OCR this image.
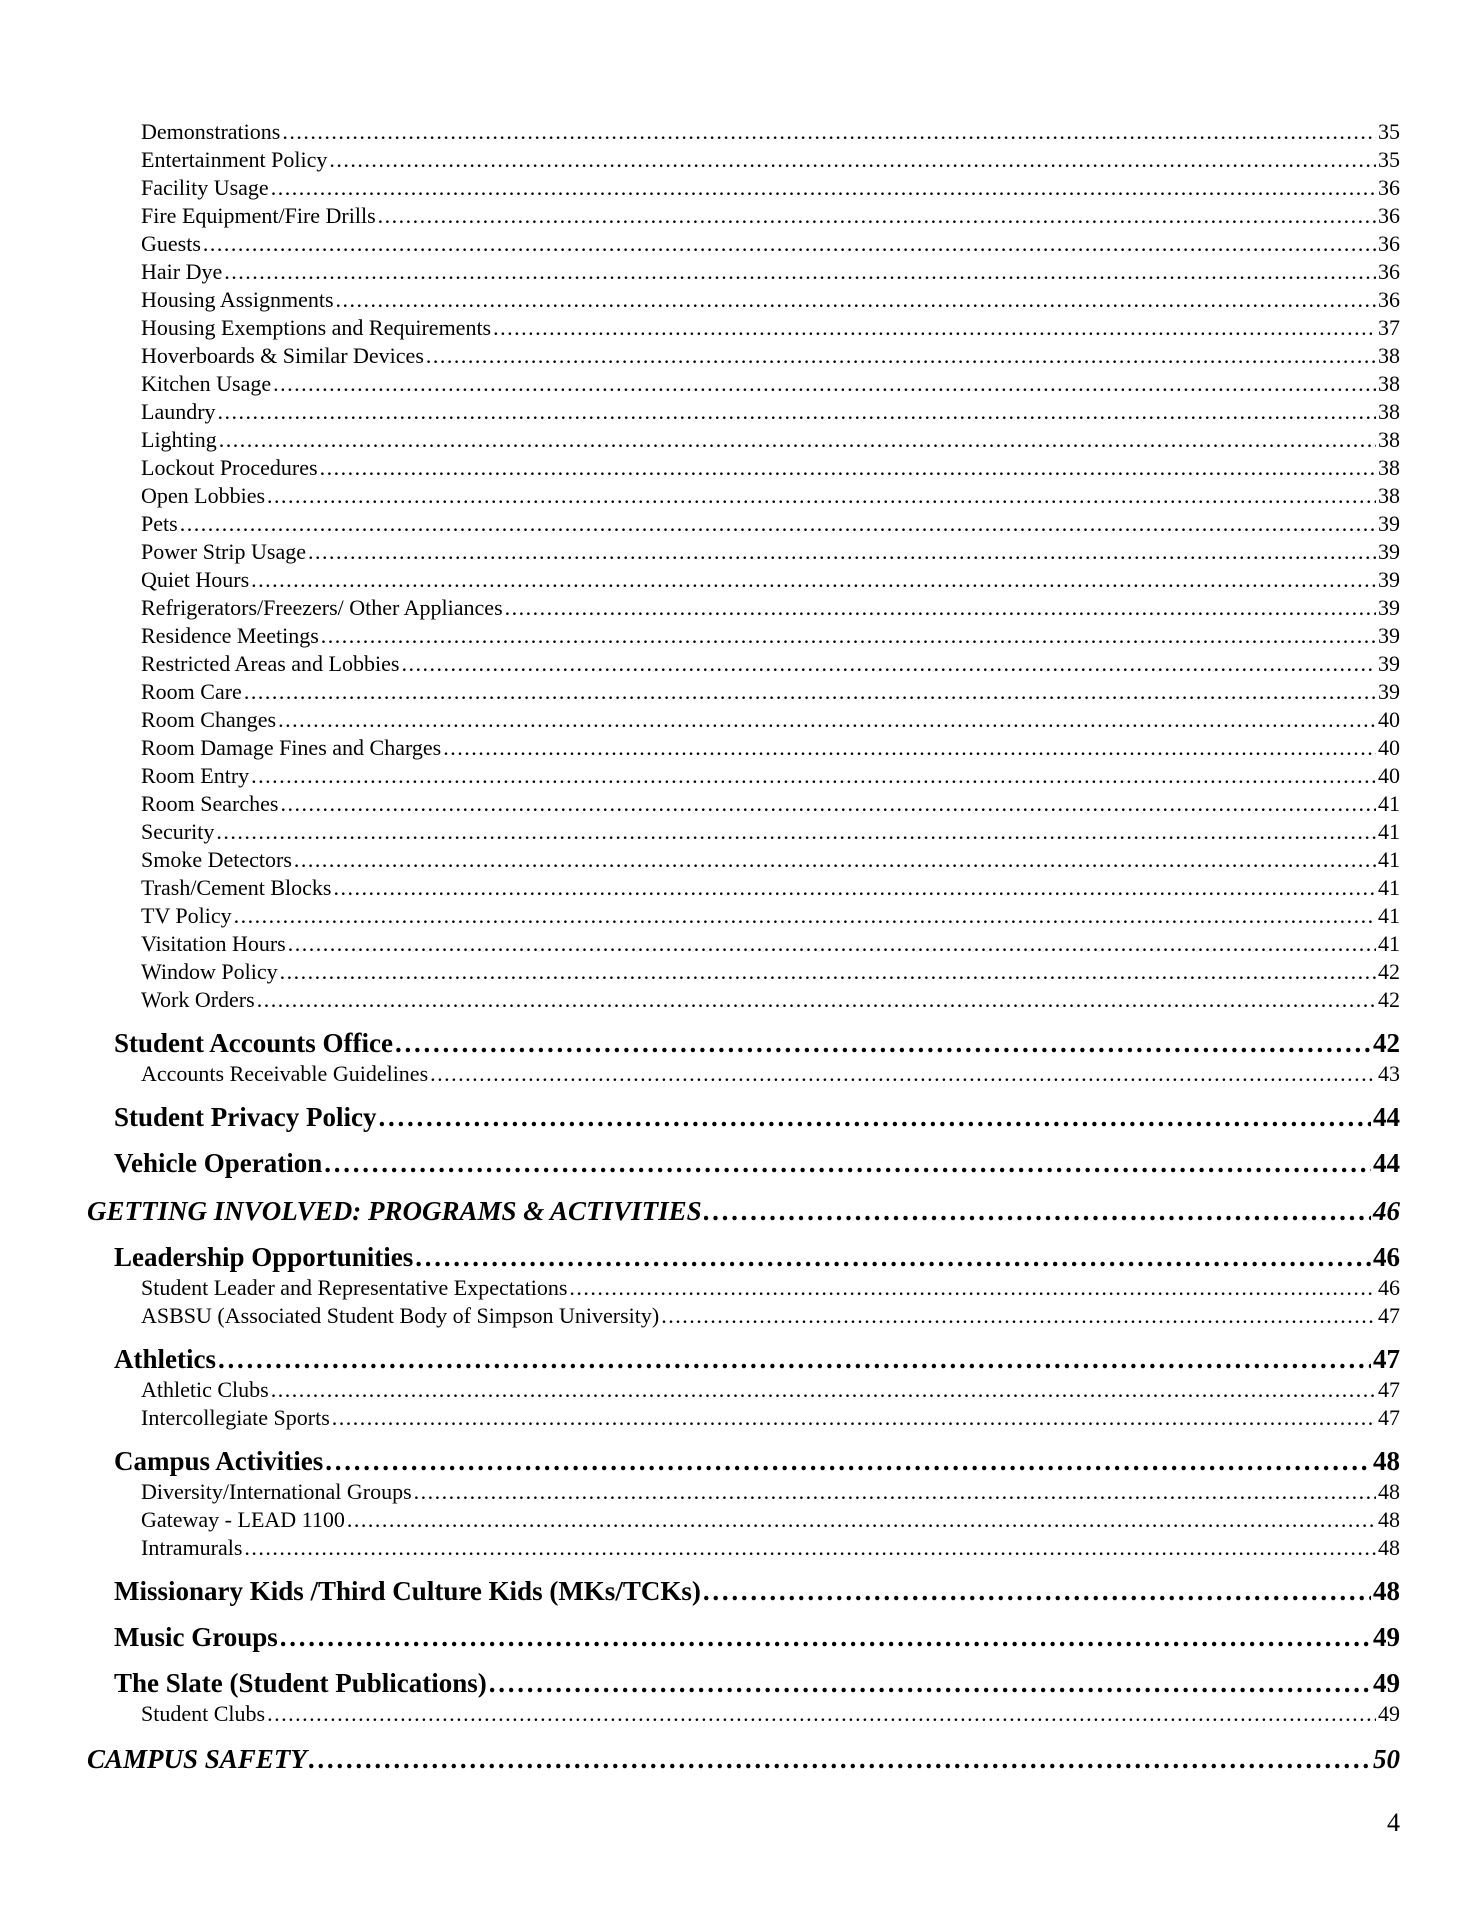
Demonstrations . . .	35
Entertainment Policy . . .	35
Facility Usage . . .	36
Fire Equipment/Fire Drills . . .	36
Guests . . .	36
Hair Dye . . .	36
Housing Assignments . . .	36
Housing Exemptions and Requirements . . .	37
Hoverboards & Similar Devices . . .	38
Kitchen Usage . . .	38
Laundry . . .	38
Lighting . . .	38
Lockout Procedures . . .	38
Open Lobbies . . .	38
Pets . . .	39
Power Strip Usage . . .	39
Quiet Hours . . .	39
Refrigerators/Freezers/ Other Appliances . . .	39
Residence Meetings . . .	39
Restricted Areas and Lobbies . . .	39
Room Care . . .	39
Room Changes . . .	40
Room Damage Fines and Charges . . .	40
Room Entry . . .	40
Room Searches . . .	41
Security . . .	41
Smoke Detectors . . .	41
Trash/Cement Blocks . . .	41
TV Policy . . .	41
Visitation Hours . . .	41
Window Policy . . .	42
Work Orders . . .	42
Student Accounts Office . . .	42
Accounts Receivable Guidelines . . .	43
Student Privacy Policy . . .	44
Vehicle Operation . . .	44
GETTING INVOLVED: PROGRAMS & ACTIVITIES . . .	46
Leadership Opportunities . . .	46
Student Leader and Representative Expectations . . .	46
ASBSU (Associated Student Body of Simpson University) . . .	47
Athletics . . .	47
Athletic Clubs . . .	47
Intercollegiate Sports . . .	47
Campus Activities . . .	48
Diversity/International Groups . . .	48
Gateway - LEAD 1100 . . .	48
Intramurals . . .	48
Missionary Kids /Third Culture Kids (MKs/TCKs) . . .	48
Music Groups . . .	49
The Slate (Student Publications) . . .	49
Student Clubs . . .	49
CAMPUS SAFETY . . .	50
4
